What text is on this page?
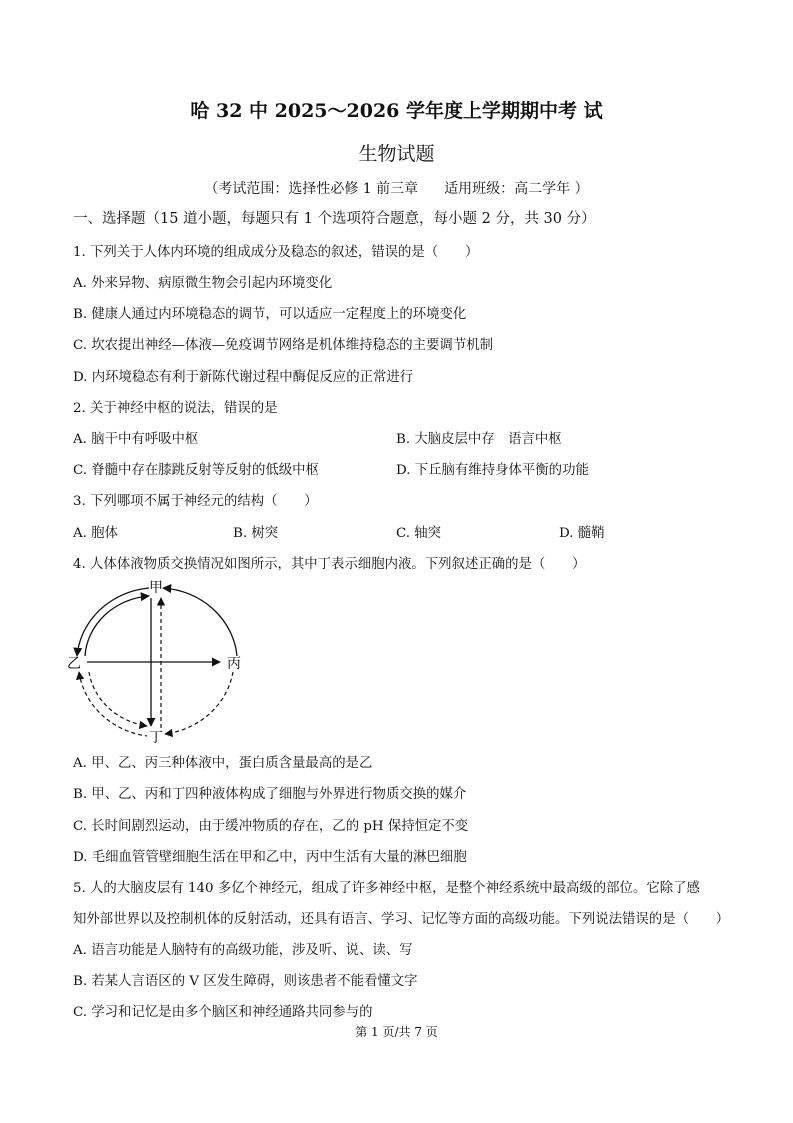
哈 32 中 2025～2026 学年度上学期期中考 试
生物试题
（考试范围：选择性必修 1 前三章 适用班级：高二学年 ）
一、选择题（15 道小题，每题只有 1 个选项符合题意，每小题 2 分，共 30 分）
1. 下列关于人体内环境的组成成分及稳态的叙述，错误的是（　　）
A. 外来异物、病原微生物会引起内环境变化
B. 健康人通过内环境稳态的调节，可以适应一定程度上的环境变化
C. 坎农提出神经—体液—免疫调节网络是机体维持稳态的主要调节机制
D. 内环境稳态有利于新陈代谢过程中酶促反应的正常进行
2. 关于神经中枢的说法，错误的是
A. 脑干中有呼吸中枢	B. 大脑皮层中存　语言中枢
C. 脊髓中存在膝跳反射等反射的低级中枢	D. 下丘脑有维持身体平衡的功能
3. 下列哪项不属于神经元的结构（　　）
A. 胞体	B. 树突	C. 轴突	D. 髓鞘
4. 人体体液物质交换情况如图所示，其中丁表示细胞内液。下列叙述正确的是（　　）
甲
乙	丙
丁
A. 甲、乙、丙三种体液中，蛋白质含量最高的是乙
B. 甲、乙、丙和丁四种液体构成了细胞与外界进行物质交换的媒介
C. 长时间剧烈运动，由于缓冲物质的存在，乙的 pH 保持恒定不变
D. 毛细血管管壁细胞生活在甲和乙中，丙中生活有大量的淋巴细胞
5. 人的大脑皮层有 140 多亿个神经元，组成了许多神经中枢，是整个神经系统中最高级的部位。它除了感
知外部世界以及控制机体的反射活动，还具有语言、学习、记忆等方面的高级功能。下列说法错误的是（　　）
A. 语言功能是人脑特有的高级功能，涉及听、说、读、写
B. 若某人言语区的 V 区发生障碍，则该患者不能看懂文字
C. 学习和记忆是由多个脑区和神经通路共同参与的
第 1 页/共 7 页
